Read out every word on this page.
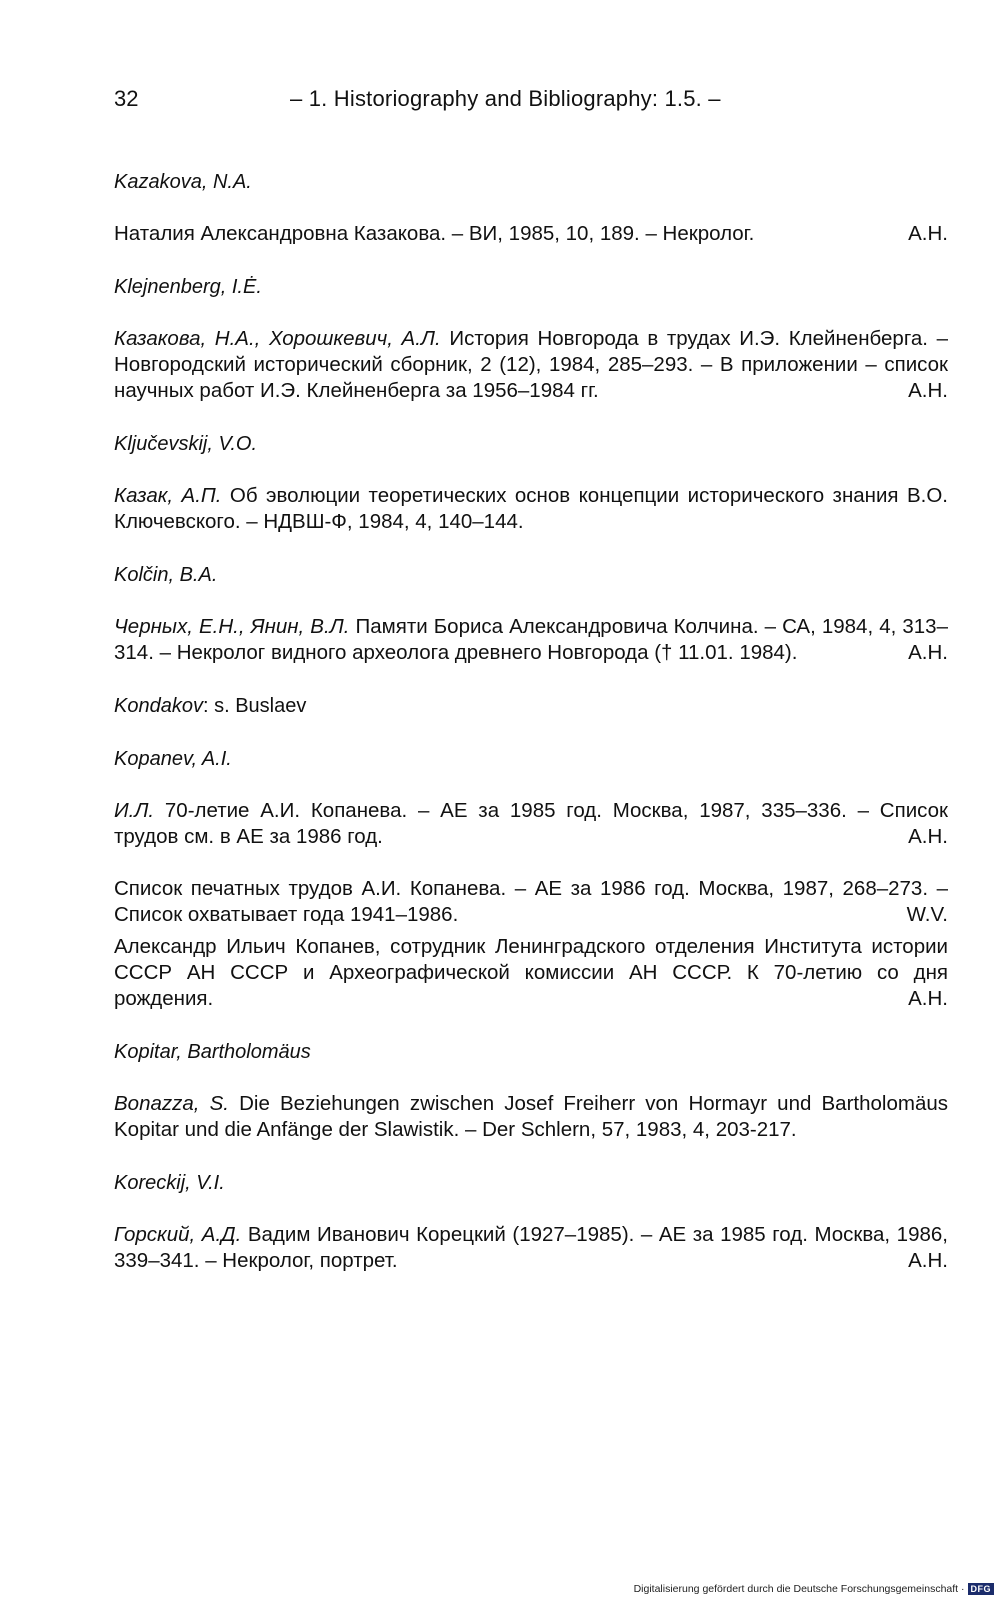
32	– 1. Historiography and Bibliography: 1.5. –
Kazakova, N.A.
Наталия Александровна Казакова. – ВИ, 1985, 10, 189. – Некролог.	А.Н.
Klejnenberg, I.Ė.
Казакова, Н.А., Хорошкевич, А.Л. История Новгорода в трудах И.Э. Клейненберга. – Новгородский исторический сборник, 2 (12), 1984, 285–293. – В приложении – список научных работ И.Э. Клейненберга за 1956–1984 гг.	А.Н.
Ključevskij, V.O.
Казак, А.П. Об эволюции теоретических основ концепции исторического знания В.О. Ключевского. – НДВШ-Ф, 1984, 4, 140–144.
Kolčin, B.A.
Черных, Е.Н., Янин, В.Л. Памяти Бориса Александровича Колчина. – СА, 1984, 4, 313–314. – Некролог видного археолога древнего Новгорода († 11.01. 1984).	А.Н.
Kondakov: s. Buslaev
Kopanev, A.I.
И.Л. 70-летие А.И. Копанева. – АЕ за 1985 год. Москва, 1987, 335–336. – Список трудов см. в АЕ за 1986 год.	А.Н.
Список печатных трудов А.И. Копанева. – АЕ за 1986 год. Москва, 1987, 268–273. – Список охватывает года 1941–1986.	W.V.
Александр Ильич Копанев, сотрудник Ленинградского отделения Института истории СССР АН СССР и Археографической комиссии АН СССР. К 70-летию со дня рождения.	А.Н.
Kopitar, Bartholomäus
Bonazza, S. Die Beziehungen zwischen Josef Freiherr von Hormayr und Bartholomäus Kopitar und die Anfänge der Slawistik. – Der Schlern, 57, 1983, 4, 203-217.
Koreckij, V.I.
Горский, А.Д. Вадим Иванович Корецкий (1927–1985). – АЕ за 1985 год. Москва, 1986, 339–341. – Некролог, портрет.	А.Н.
Digitalisierung gefördert durch die Deutsche Forschungsgemeinschaft · DFG
